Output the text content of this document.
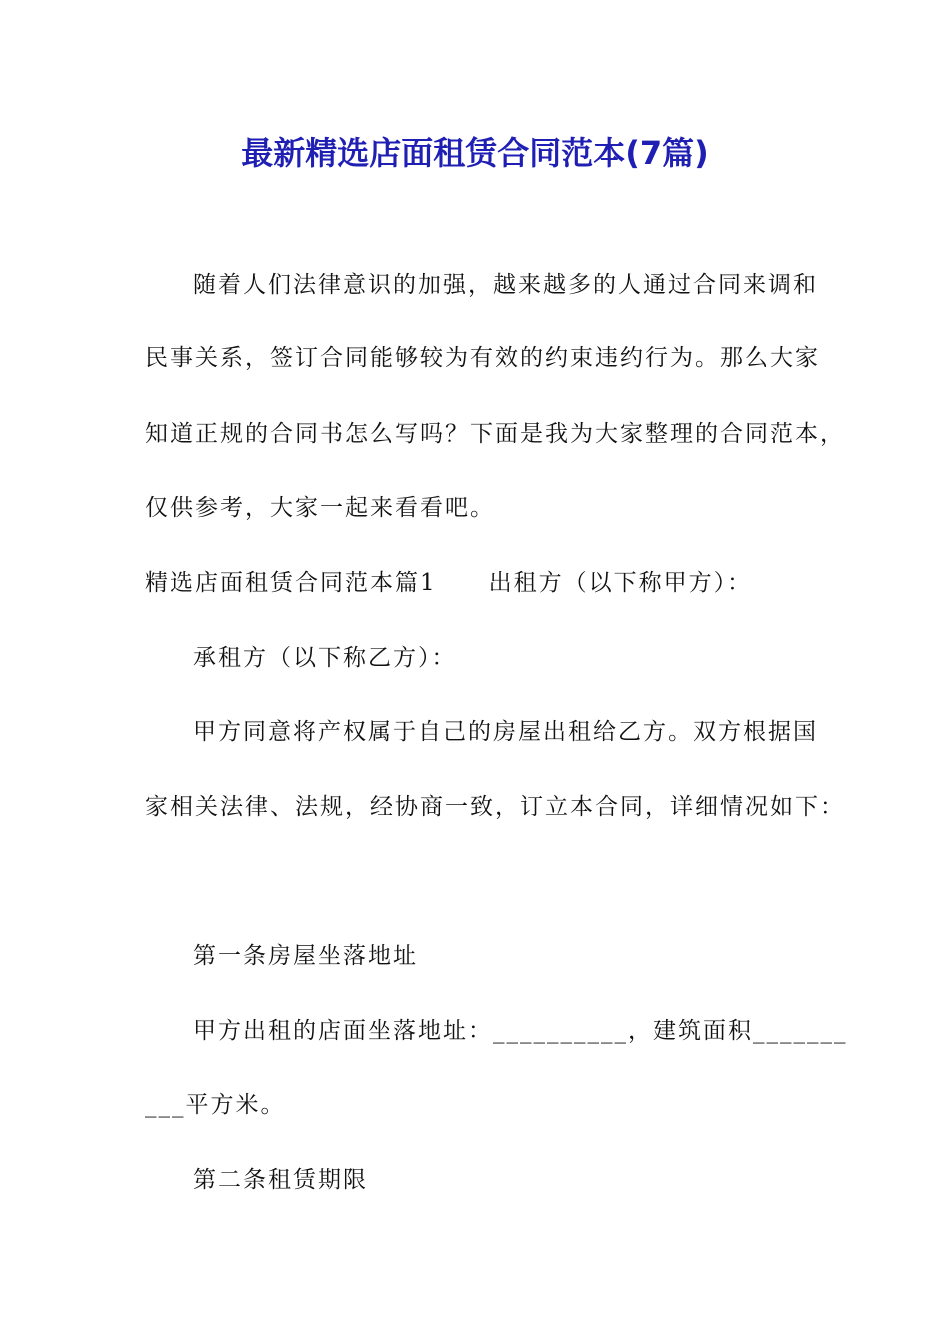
最新精选店面租赁合同范本(7篇)
随着人们法律意识的加强，越来越多的人通过合同来调和
民事关系，签订合同能够较为有效的约束违约行为。那么大家
知道正规的合同书怎么写吗？下面是我为大家整理的合同范本，
仅供参考，大家一起来看看吧。
精选店面租赁合同范本篇1 出租方（以下称甲方）：
承租方（以下称乙方）：
甲方同意将产权属于自己的房屋出租给乙方。双方根据国
家相关法律、法规，经协商一致，订立本合同，详细情况如下：
第一条房屋坐落地址
甲方出租的店面坐落地址：__________，建筑面积_______
___平方米。
第二条租赁期限
